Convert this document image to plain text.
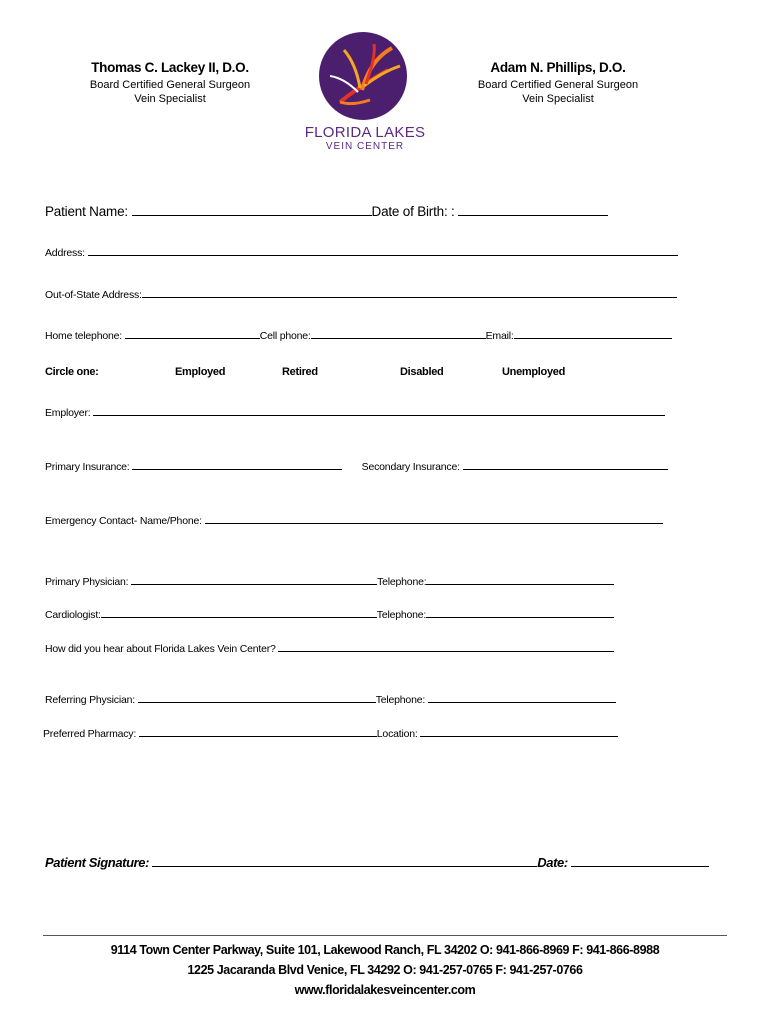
Thomas C. Lackey II, D.O.
Board Certified General Surgeon
Vein Specialist
Adam N. Phillips, D.O.
Board Certified General Surgeon
Vein Specialist
FLORIDA LAKES
VEIN CENTER
Patient Name:	Date of Birth: :
Address:
Out-of-State Address:
Home telephone:	Cell phone:	Email:
Circle one:	Employed	Retired	Disabled	Unemployed
Employer:
Primary Insurance:	Secondary Insurance:
Emergency Contact- Name/Phone:
Primary Physician:	Telephone:
Cardiologist:	Telephone:
How did you hear about Florida Lakes Vein Center?
Referring Physician:	Telephone:
Preferred Pharmacy:	Location:
Patient Signature:	Date:
9114 Town Center Parkway, Suite 101, Lakewood Ranch, FL 34202 O: 941-866-8969 F: 941-866-8988
1225 Jacaranda Blvd Venice, FL 34292 O: 941-257-0765 F: 941-257-0766
www.floridalakesveincenter.com
